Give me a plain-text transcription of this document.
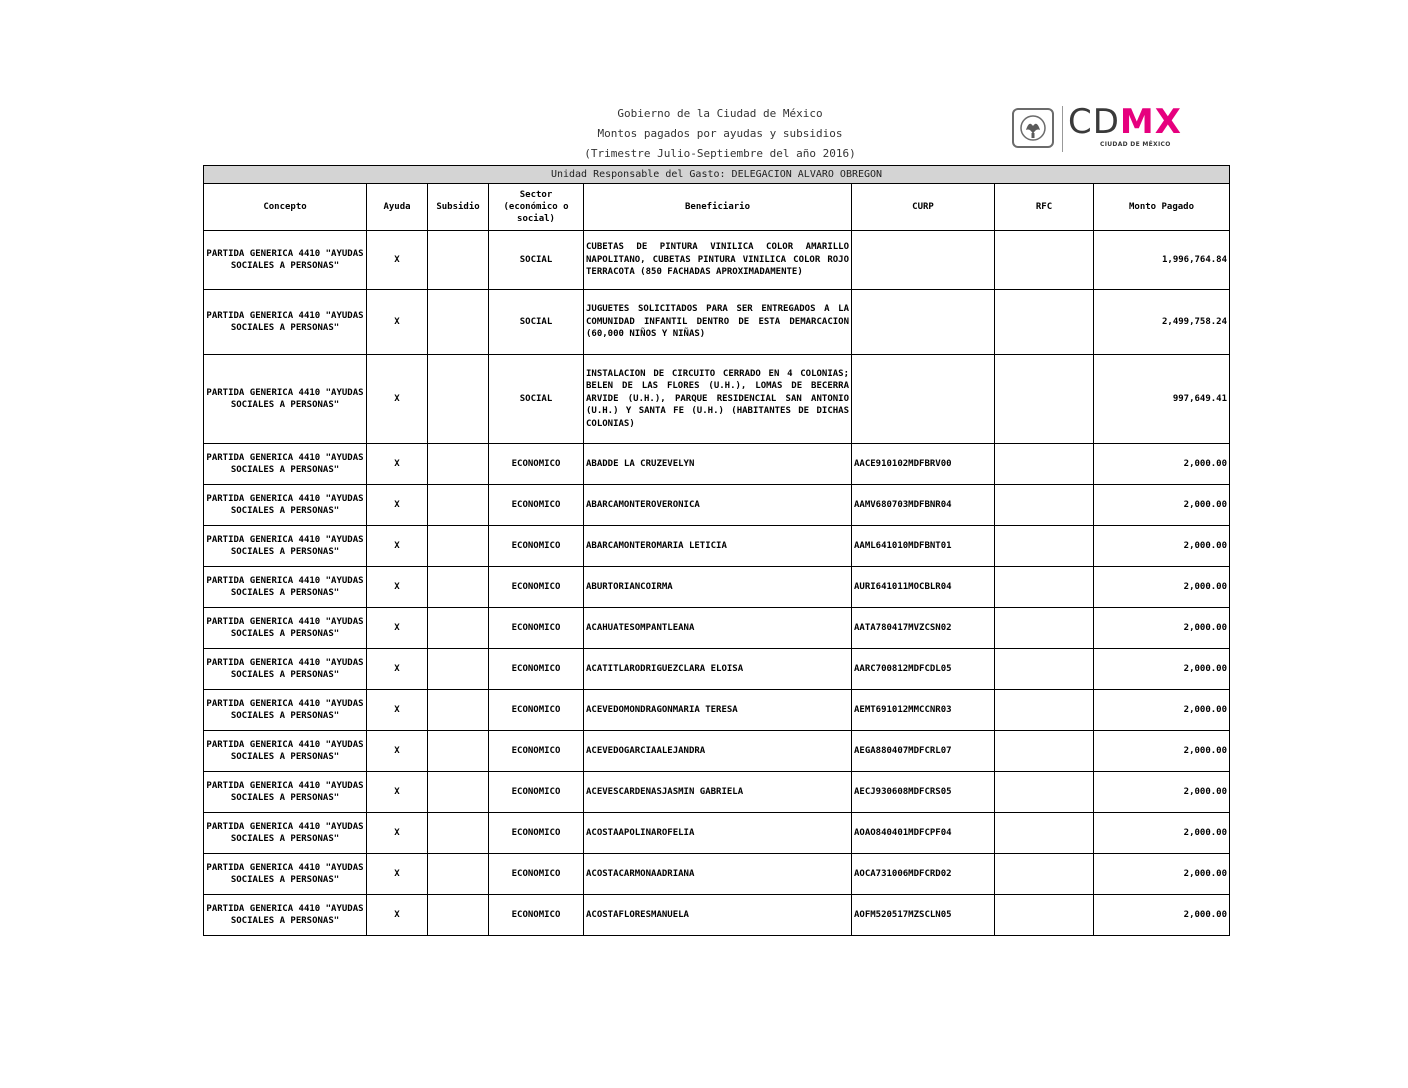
Gobierno de la Ciudad de México
Montos pagados por ayudas y subsidios
(Trimestre Julio-Septiembre del año 2016)
CDMX
CIUDAD DE MÉXICO
Unidad Responsable del Gasto: DELEGACION ALVARO OBREGON							
Concepto	Ayuda	Subsidio	Sector (económico o social)	Beneficiario	CURP	RFC	Monto Pagado
PARTIDA GENERICA 4410 "AYUDAS SOCIALES A PERSONAS"	X		SOCIAL	CUBETAS DE PINTURA VINILICA COLOR AMARILLO NAPOLITANO, CUBETAS PINTURA VINILICA COLOR ROJO TERRACOTA (850 FACHADAS APROXIMADAMENTE)			1,996,764.84
PARTIDA GENERICA 4410 "AYUDAS SOCIALES A PERSONAS"	X		SOCIAL	JUGUETES SOLICITADOS PARA SER ENTREGADOS A LA COMUNIDAD INFANTIL DENTRO DE ESTA DEMARCACION (60,000 NIÑOS Y NIÑAS)			2,499,758.24
PARTIDA GENERICA 4410 "AYUDAS SOCIALES A PERSONAS"	X		SOCIAL	INSTALACION DE CIRCUITO CERRADO EN 4 COLONIAS; BELEN DE LAS FLORES (U.H.), LOMAS DE BECERRA ARVIDE (U.H.), PARQUE RESIDENCIAL SAN ANTONIO (U.H.) Y SANTA FE (U.H.) (HABITANTES DE DICHAS COLONIAS)			997,649.41
PARTIDA GENERICA 4410 "AYUDAS SOCIALES A PERSONAS"	X		ECONOMICO	ABADDE LA CRUZEVELYN	AACE910102MDFBRV00		2,000.00
PARTIDA GENERICA 4410 "AYUDAS SOCIALES A PERSONAS"	X		ECONOMICO	ABARCAMONTEROVERONICA	AAMV680703MDFBNR04		2,000.00
PARTIDA GENERICA 4410 "AYUDAS SOCIALES A PERSONAS"	X		ECONOMICO	ABARCAMONTEROMARIA LETICIA	AAML641010MDFBNT01		2,000.00
PARTIDA GENERICA 4410 "AYUDAS SOCIALES A PERSONAS"	X		ECONOMICO	ABURTORIANCOIRMA	AURI641011MOCBLR04		2,000.00
PARTIDA GENERICA 4410 "AYUDAS SOCIALES A PERSONAS"	X		ECONOMICO	ACAHUATESOMPANTLEANA	AATA780417MVZCSN02		2,000.00
PARTIDA GENERICA 4410 "AYUDAS SOCIALES A PERSONAS"	X		ECONOMICO	ACATITLARODRIGUEZCLARA ELOISA	AARC700812MDFCDL05		2,000.00
PARTIDA GENERICA 4410 "AYUDAS SOCIALES A PERSONAS"	X		ECONOMICO	ACEVEDOMONDRAGONMARIA TERESA	AEMT691012MMCCNR03		2,000.00
PARTIDA GENERICA 4410 "AYUDAS SOCIALES A PERSONAS"	X		ECONOMICO	ACEVEDOGARCIAALEJANDRA	AEGA880407MDFCRL07		2,000.00
PARTIDA GENERICA 4410 "AYUDAS SOCIALES A PERSONAS"	X		ECONOMICO	ACEVESCARDENASJASMIN GABRIELA	AECJ930608MDFCRS05		2,000.00
PARTIDA GENERICA 4410 "AYUDAS SOCIALES A PERSONAS"	X		ECONOMICO	ACOSTAAPOLINAROFELIA	AOAO840401MDFCPF04		2,000.00
PARTIDA GENERICA 4410 "AYUDAS SOCIALES A PERSONAS"	X		ECONOMICO	ACOSTACARMONAADRIANA	AOCA731006MDFCRD02		2,000.00
PARTIDA GENERICA 4410 "AYUDAS SOCIALES A PERSONAS"	X		ECONOMICO	ACOSTAFLORESMANUELA	AOFM520517MZSCLN05		2,000.00
